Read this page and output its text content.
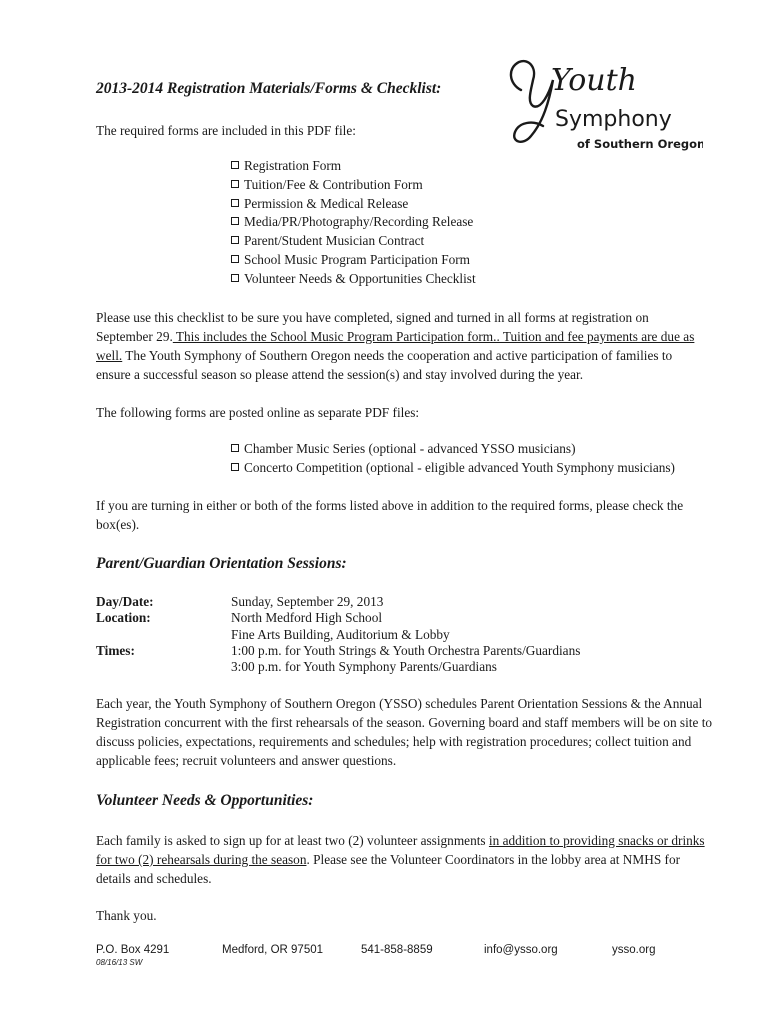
2013-2014 Registration Materials/Forms & Checklist:	Youth
Symphony
of Southern Oregon
The required forms are included in this PDF file:
Registration Form
Tuition/Fee & Contribution Form
Permission & Medical Release
Media/PR/Photography/Recording Release
Parent/Student Musician Contract
School Music Program Participation Form
Volunteer Needs & Opportunities Checklist
Please use this checklist to be sure you have completed, signed and turned in all forms at registration on September 29. This includes the School Music Program Participation form.. Tuition and fee payments are due as well. The Youth Symphony of Southern Oregon needs the cooperation and active participation of families to ensure a successful season so please attend the session(s) and stay involved during the year.
The following forms are posted online as separate PDF files:
Chamber Music Series (optional - advanced YSSO musicians)
Concerto Competition (optional - eligible advanced Youth Symphony musicians)
If you are turning in either or both of the forms listed above in addition to the required forms, please check the box(es).
Parent/Guardian Orientation Sessions:
Day/Date:	Sunday, September 29, 2013
Location:	North Medford High School
Fine Arts Building, Auditorium & Lobby
Times:	1:00 p.m. for Youth Strings & Youth Orchestra Parents/Guardians
3:00 p.m. for Youth Symphony Parents/Guardians
Each year, the Youth Symphony of Southern Oregon (YSSO) schedules Parent Orientation Sessions & the Annual Registration concurrent with the first rehearsals of the season. Governing board and staff members will be on site to discuss policies, expectations, requirements and schedules; help with registration procedures; collect tuition and applicable fees; recruit volunteers and answer questions.
Volunteer Needs & Opportunities:
Each family is asked to sign up for at least two (2) volunteer assignments in addition to providing snacks or drinks for two (2) rehearsals during the season. Please see the Volunteer Coordinators in the lobby area at NMHS for details and schedules.
Thank you.
P.O. Box 4291	Medford, OR 97501	541-858-8859	info@ysso.org	ysso.org
08/16/13 SW
